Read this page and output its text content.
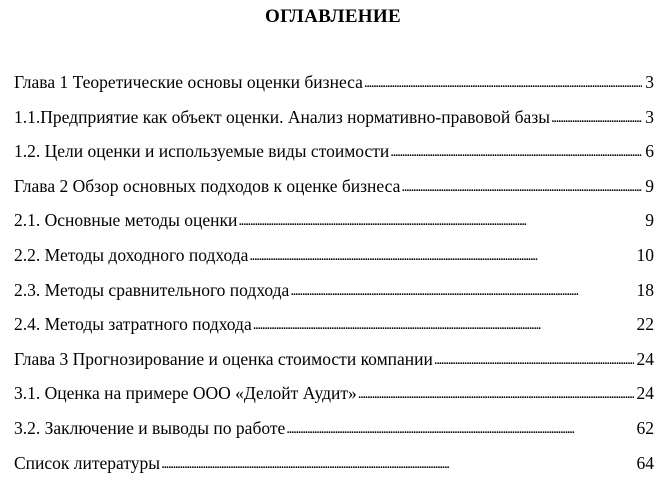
ОГЛАВЛЕНИЕ
Глава 1 Теоретические основы оценки бизнеса . . .	3
1.1.Предприятие как объект оценки. Анализ нормативно-правовой базы . . .	3
1.2. Цели оценки и используемые виды стоимости . . .	6
Глава 2 Обзор основных подходов к оценке бизнеса . . .	9
2.1. Основные методы оценки . . .	9
2.2. Методы доходного подхода . . .	10
2.3. Методы сравнительного подхода . . .	18
2.4. Методы затратного подхода . . .	22
Глава 3 Прогнозирование и оценка стоимости компании . . .	24
3.1. Оценка на примере ООО «Делойт Аудит» . . .	24
3.2. Заключение и выводы по работе . . .	62
Список литературы . . .	64
